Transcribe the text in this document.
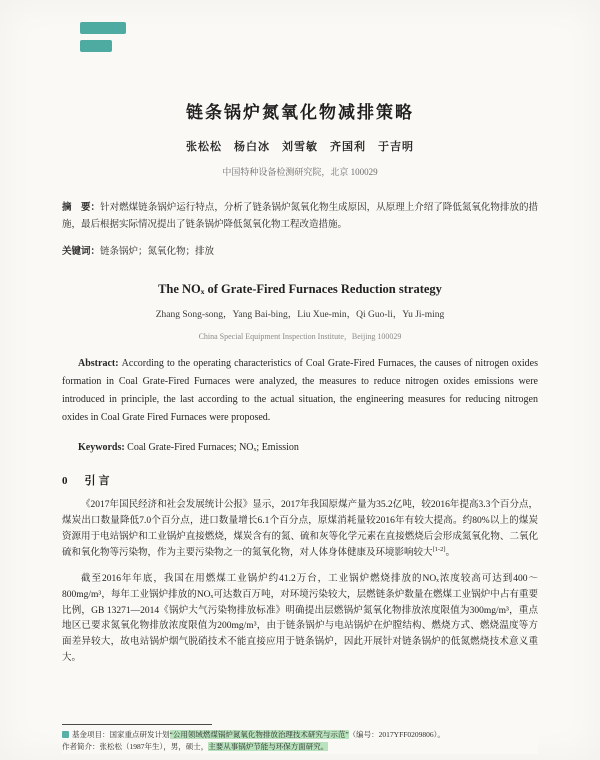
链条锅炉氮氧化物减排策略
张松松　杨白冰　刘雪敏　齐国利　于吉明
中国特种设备检测研究院，北京 100029

摘　要：针对燃煤链条锅炉运行特点，分析了链条锅炉氮氧化物生成原因，从原理上介绍了降低氮氧化物排放的措施，最后根据实际情况提出了链条锅炉降低氮氧化物工程改造措施。

关键词：链条锅炉；氮氧化物；排放

The NOₓ of Grate-Fired Furnaces Reduction strategy
Zhang Song-song，Yang Bai-bing，Liu Xue-min，Qi Guo-li，Yu Ji-ming
China Special Equipment Inspection Institute，Beijing 100029

Abstract: According to the operating characteristics of Coal Grate-Fired Furnaces, the causes of nitrogen oxides formation in Coal Grate-Fired Furnaces were analyzed, the measures to reduce nitrogen oxides emissions were introduced in principle, the last according to the actual situation, the engineering measures for reducing nitrogen oxides in Coal Grate Fired Furnaces were proposed.

Keywords: Coal Grate-Fired Furnaces; NOₓ; Emission

0　引言

《2017年国民经济和社会发展统计公报》显示，2017年我国原煤产量为35.2亿吨，较2016年提高3.3个百分点，煤炭出口数量降低7.0个百分点，进口数量增长6.1个百分点，原煤消耗量较2016年有较大提高。约80%以上的煤炭资源用于电站锅炉和工业锅炉直接燃烧，煤炭含有的氮、硫和灰等化学元素在直接燃烧后会形成氮氧化物、二氧化硫和氧化物等污染物，作为主要污染物之一的氮氧化物，对人体身体健康及环境影响较大[1-2]。

截至2016年年底，我国在用燃煤工业锅炉约41.2万台，工业锅炉燃烧排放的NOₓ浓度较高可达到400～800mg/m³，每年工业锅炉排放的NOₓ可达数百万吨，对环境污染较大，层燃链条炉数量在燃煤工业锅炉中占有重要比例，GB 13271—2014《锅炉大气污染物排放标准》明确提出层燃锅炉氮氧化物排放浓度限值为300mg/m³，重点地区已要求氮氧化物排放浓度限值为200mg/m³，由于链条锅炉与电站锅炉在炉膛结构、燃烧方式、燃烧温度等方面差异较大，故电站锅炉烟气脱硝技术不能直接应用于链条锅炉，因此开展针对链条锅炉的低氮燃烧技术意义重大。

基金项目：国家重点研发计划“公用领域燃煤锅炉氮氧化物排放治理技术研究与示范”（编号：2017YFF0209806）。

作者简介：张松松（1987年生），男，硕士，主要从事锅炉节能与环保方面研究。
